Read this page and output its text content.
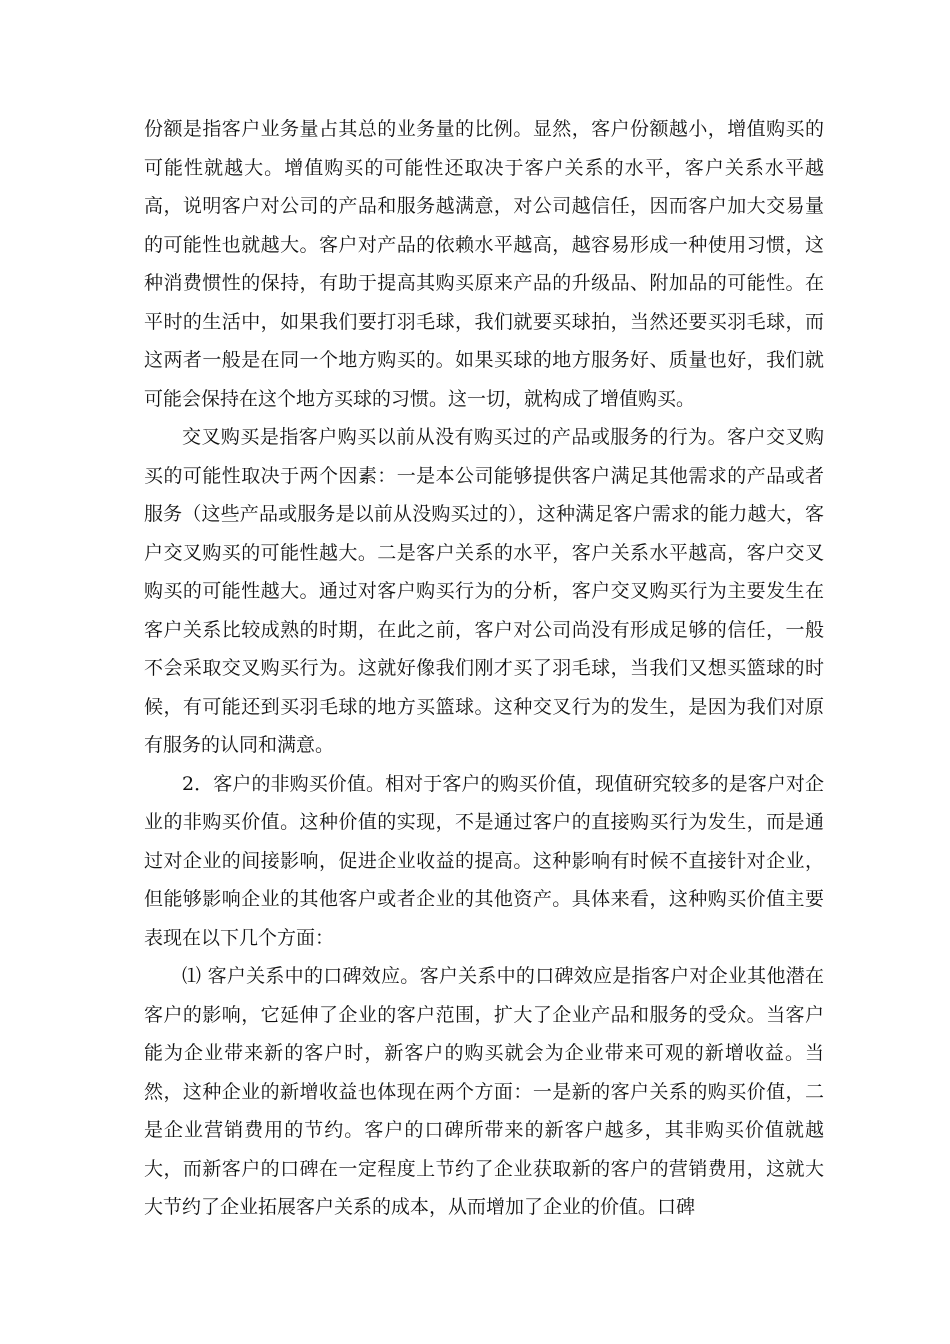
份额是指客户业务量占其总的业务量的比例。显然，客户份额越小，增值购买的可能性就越大。增值购买的可能性还取决于客户关系的水平，客户关系水平越高，说明客户对公司的产品和服务越满意，对公司越信任，因而客户加大交易量的可能性也就越大。客户对产品的依赖水平越高，越容易形成一种使用习惯，这种消费惯性的保持，有助于提高其购买原来产品的升级品、附加品的可能性。在平时的生活中，如果我们要打羽毛球，我们就要买球拍，当然还要买羽毛球，而这两者一般是在同一个地方购买的。如果买球的地方服务好、质量也好，我们就可能会保持在这个地方买球的习惯。这一切，就构成了增值购买。

交叉购买是指客户购买以前从没有购买过的产品或服务的行为。客户交叉购买的可能性取决于两个因素：一是本公司能够提供客户满足其他需求的产品或者服务（这些产品或服务是以前从没购买过的），这种满足客户需求的能力越大，客户交叉购买的可能性越大。二是客户关系的水平，客户关系水平越高，客户交叉购买的可能性越大。通过对客户购买行为的分析，客户交叉购买行为主要发生在客户关系比较成熟的时期，在此之前，客户对公司尚没有形成足够的信任，一般不会采取交叉购买行为。这就好像我们刚才买了羽毛球，当我们又想买篮球的时候，有可能还到买羽毛球的地方买篮球。这种交叉行为的发生，是因为我们对原有服务的认同和满意。

2．客户的非购买价值。相对于客户的购买价值，现值研究较多的是客户对企业的非购买价值。这种价值的实现，不是通过客户的直接购买行为发生，而是通过对企业的间接影响，促进企业收益的提高。这种影响有时候不直接针对企业，但能够影响企业的其他客户或者企业的其他资产。具体来看，这种购买价值主要表现在以下几个方面：

⑴ 客户关系中的口碑效应。客户关系中的口碑效应是指客户对企业其他潜在客户的影响，它延伸了企业的客户范围，扩大了企业产品和服务的受众。当客户能为企业带来新的客户时，新客户的购买就会为企业带来可观的新增收益。当然，这种企业的新增收益也体现在两个方面：一是新的客户关系的购买价值，二是企业营销费用的节约。客户的口碑所带来的新客户越多，其非购买价值就越大，而新客户的口碑在一定程度上节约了企业获取新的客户的营销费用，这就大大节约了企业拓展客户关系的成本，从而增加了企业的价值。口碑
